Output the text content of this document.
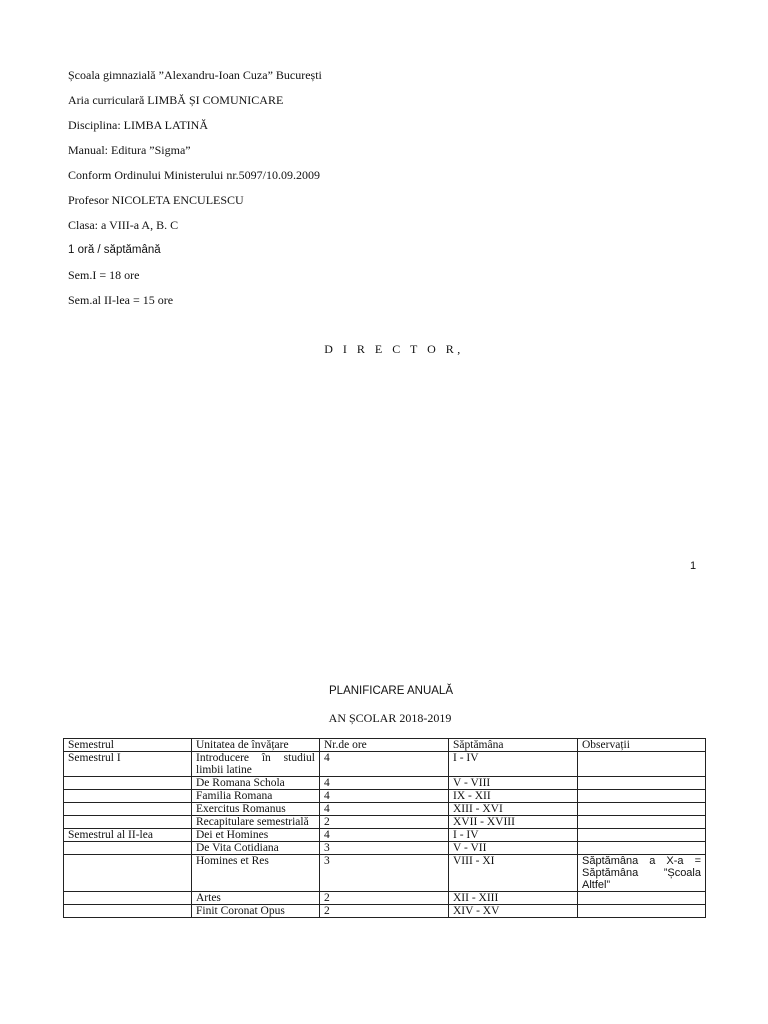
Școala gimnazială ”Alexandru-Ioan Cuza” București
Aria curriculară LIMBĂ ȘI COMUNICARE
Disciplina: LIMBA LATINĂ
Manual: Editura ”Sigma”
Conform Ordinului Ministerului nr.5097/10.09.2009
Profesor NICOLETA ENCULESCU
Clasa: a VIII-a A, B. C
1 oră / săptămână
Sem.I = 18 ore
Sem.al II-lea = 15 ore
D I R E C T O R,
1
PLANIFICARE ANUALĂ
AN ȘCOLAR 2018-2019
Semestrul	Unitatea de învățare	Nr.de ore	Săptămâna	Observații
Semestrul I	Introducere în studiul limbii latine	4	I - IV	
	De Romana Schola	4	V - VIII	
	Familia Romana	4	IX - XII	
	Exercitus Romanus	4	XIII - XVI	
	Recapitulare semestrială	2	XVII - XVIII	
Semestrul al II-lea	Dei et Homines	4	I - IV	
	De Vita Cotidiana	3	V - VII	
	Homines et Res	3	VIII - XI	Săptămâna a X-a = Săptămâna ”Școala Altfel”
	Artes	2	XII - XIII	
	Finit Coronat Opus	2	XIV - XV	
